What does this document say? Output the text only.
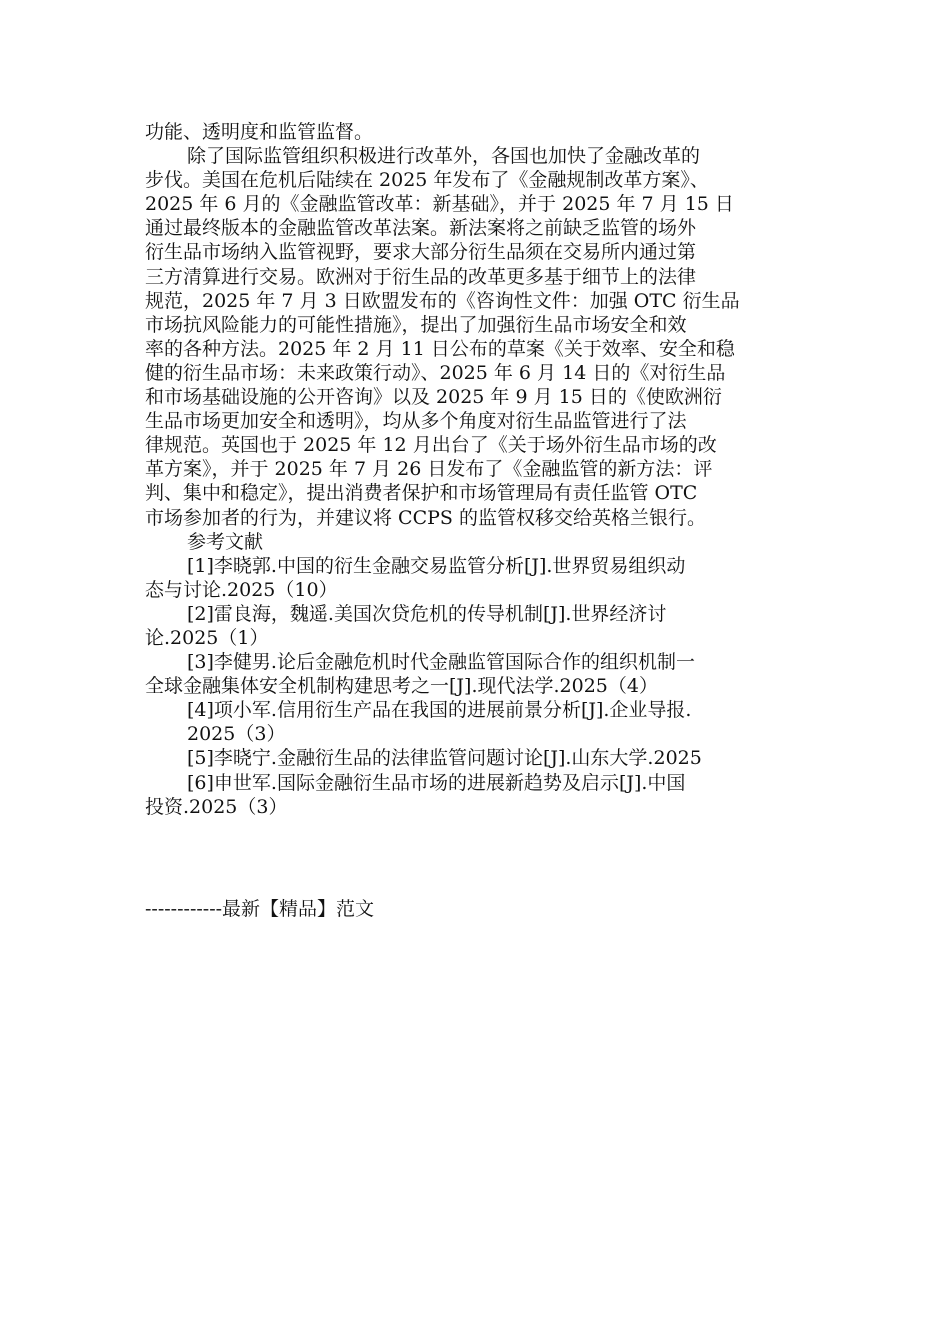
功能、透明度和监管监督。
除了国际监管组织积极进行改革外，各国也加快了金融改革的
步伐。美国在危机后陆续在 2025 年发布了《金融规制改革方案》、
2025 年 6 月的《金融监管改革：新基础》，并于 2025 年 7 月 15 日
通过最终版本的金融监管改革法案。新法案将之前缺乏监管的场外
衍生品市场纳入监管视野，要求大部分衍生品须在交易所内通过第
三方清算进行交易。欧洲对于衍生品的改革更多基于细节上的法律
规范，2025 年 7 月 3 日欧盟发布的《咨询性文件：加强 OTC 衍生品
市场抗风险能力的可能性措施》，提出了加强衍生品市场安全和效
率的各种方法。2025 年 2 月 11 日公布的草案《关于效率、安全和稳
健的衍生品市场：未来政策行动》、2025 年 6 月 14 日的《对衍生品
和市场基础设施的公开咨询》以及 2025 年 9 月 15 日的《使欧洲衍
生品市场更加安全和透明》，均从多个角度对衍生品监管进行了法
律规范。英国也于 2025 年 12 月出台了《关于场外衍生品市场的改
革方案》，并于 2025 年 7 月 26 日发布了《金融监管的新方法：评
判、集中和稳定》，提出消费者保护和市场管理局有责任监管 OTC
市场参加者的行为，并建议将 CCPS 的监管权移交给英格兰银行。
参考文献
[1]李晓郭.中国的衍生金融交易监管分析[J].世界贸易组织动
态与讨论.2025（10）
[2]雷良海，魏遥.美国次贷危机的传导机制[J].世界经济讨
论.2025（1）
[3]李健男.论后金融危机时代金融监管国际合作的组织机制一
全球金融集体安全机制构建思考之一[J].现代法学.2025（4）
[4]项小军.信用衍生产品在我国的进展前景分析[J].企业导报.
2025（3）
[5]李晓宁.金融衍生品的法律监管问题讨论[J].山东大学.2025
[6]申世军.国际金融衍生品市场的进展新趋势及启示[J].中国
投资.2025（3）
------------最新【精品】范文
